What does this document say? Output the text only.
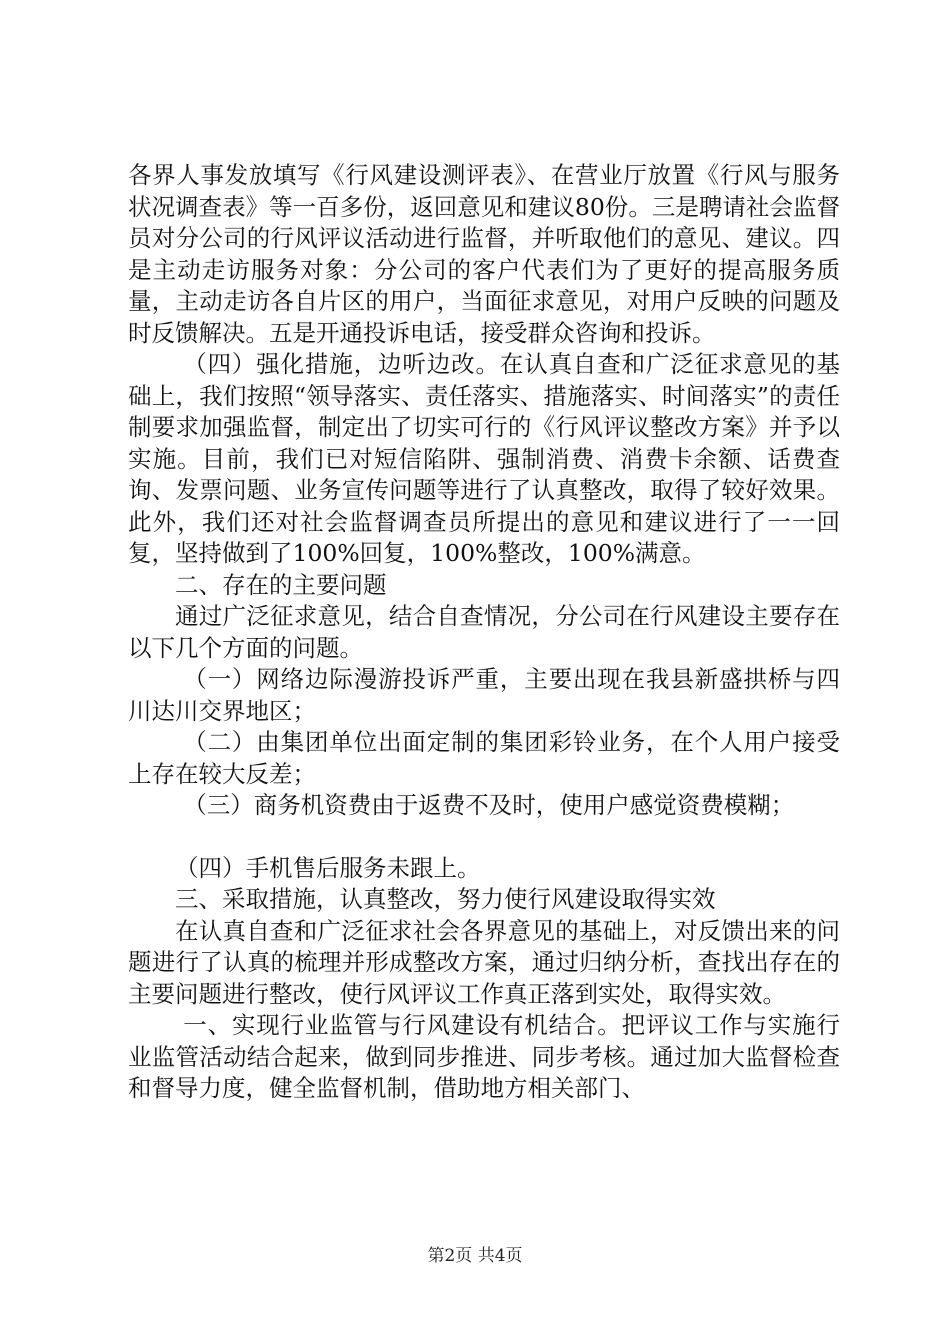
各界人事发放填写《行风建设测评表》、在营业厅放置《行风与服务状况调查表》等一百多份，返回意见和建议80份。三是聘请社会监督员对分公司的行风评议活动进行监督，并听取他们的意见、建议。四是主动走访服务对象：分公司的客户代表们为了更好的提高服务质量，主动走访各自片区的用户，当面征求意见，对用户反映的问题及时反馈解决。五是开通投诉电话，接受群众咨询和投诉。

（四）强化措施，边听边改。在认真自查和广泛征求意见的基础上，我们按照“领导落实、责任落实、措施落实、时间落实”的责任制要求加强监督，制定出了切实可行的《行风评议整改方案》并予以实施。目前，我们已对短信陷阱、强制消费、消费卡余额、话费查询、发票问题、业务宣传问题等进行了认真整改，取得了较好效果。此外，我们还对社会监督调查员所提出的意见和建议进行了一一回复，坚持做到了100%回复，100%整改，100%满意。

二、存在的主要问题

通过广泛征求意见，结合自查情况，分公司在行风建设主要存在以下几个方面的问题。

（一）网络边际漫游投诉严重，主要出现在我县新盛拱桥与四川达川交界地区；

（二）由集团单位出面定制的集团彩铃业务，在个人用户接受上存在较大反差；

（三）商务机资费由于返费不及时，使用户感觉资费模糊；

（四）手机售后服务未跟上。

三、采取措施，认真整改，努力使行风建设取得实效

在认真自查和广泛征求社会各界意见的基础上，对反馈出来的问题进行了认真的梳理并形成整改方案，通过归纳分析，查找出存在的主要问题进行整改，使行风评议工作真正落到实处，取得实效。

一、实现行业监管与行风建设有机结合。把评议工作与实施行业监管活动结合起来，做到同步推进、同步考核。通过加大监督检查和督导力度，健全监督机制，借助地方相关部门、

第2页 共4页
